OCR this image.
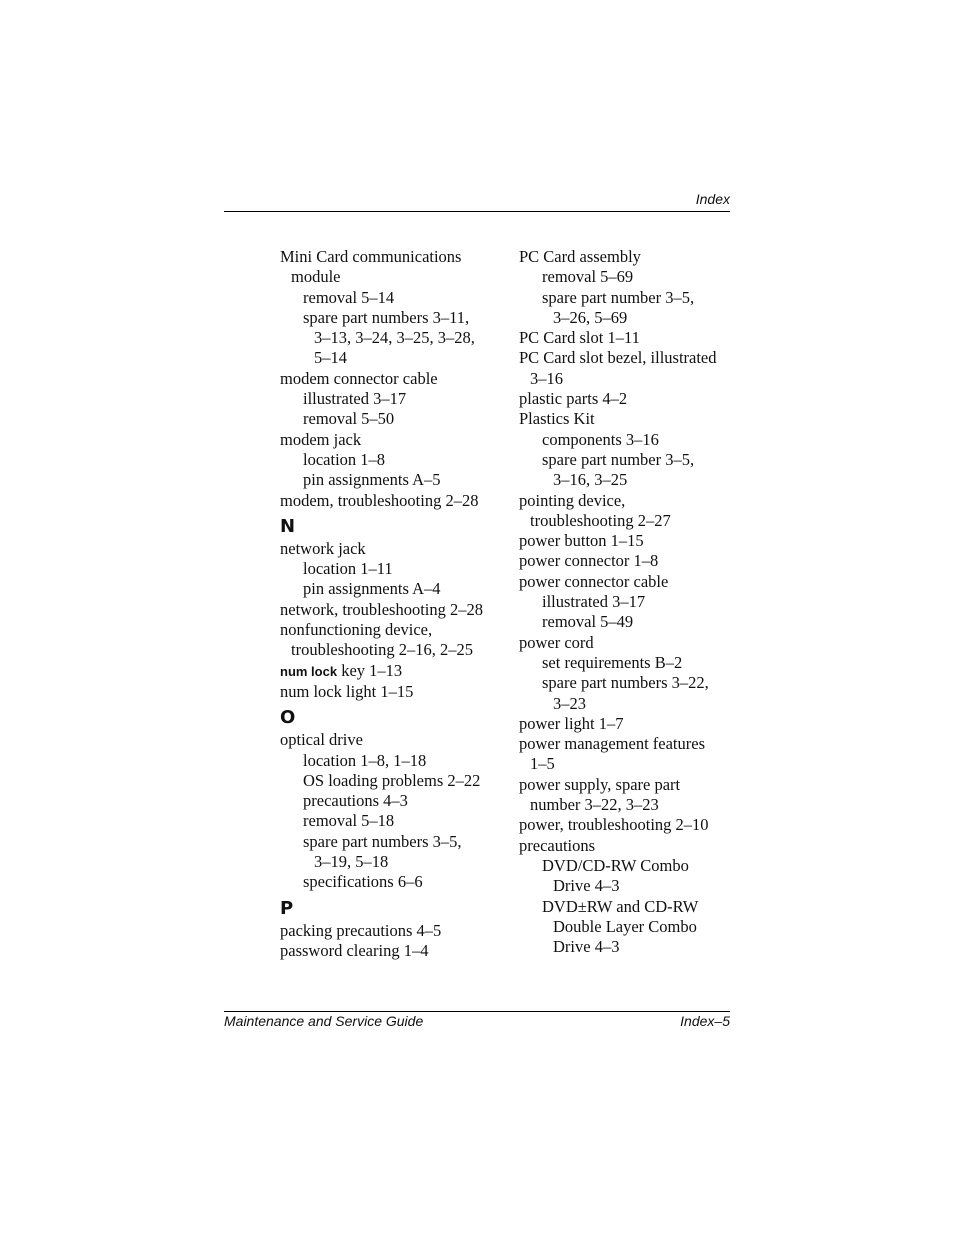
Index
Mini Card communications
module
removal 5–14
spare part numbers 3–11,
3–13, 3–24, 3–25, 3–28,
5–14
modem connector cable
illustrated 3–17
removal 5–50
modem jack
location 1–8
pin assignments A–5
modem, troubleshooting 2–28
N
network jack
location 1–11
pin assignments A–4
network, troubleshooting 2–28
nonfunctioning device,
troubleshooting 2–16, 2–25
num lock key 1–13
num lock light 1–15
O
optical drive
location 1–8, 1–18
OS loading problems 2–22
precautions 4–3
removal 5–18
spare part numbers 3–5,
3–19, 5–18
specifications 6–6
P
packing precautions 4–5
password clearing 1–4
PC Card assembly
removal 5–69
spare part number 3–5,
3–26, 5–69
PC Card slot 1–11
PC Card slot bezel, illustrated
3–16
plastic parts 4–2
Plastics Kit
components 3–16
spare part number 3–5,
3–16, 3–25
pointing device,
troubleshooting 2–27
power button 1–15
power connector 1–8
power connector cable
illustrated 3–17
removal 5–49
power cord
set requirements B–2
spare part numbers 3–22,
3–23
power light 1–7
power management features
1–5
power supply, spare part
number 3–22, 3–23
power, troubleshooting 2–10
precautions
DVD/CD-RW Combo
Drive 4–3
DVD±RW and CD-RW
Double Layer Combo
Drive 4–3
Maintenance and Service Guide	Index–5
